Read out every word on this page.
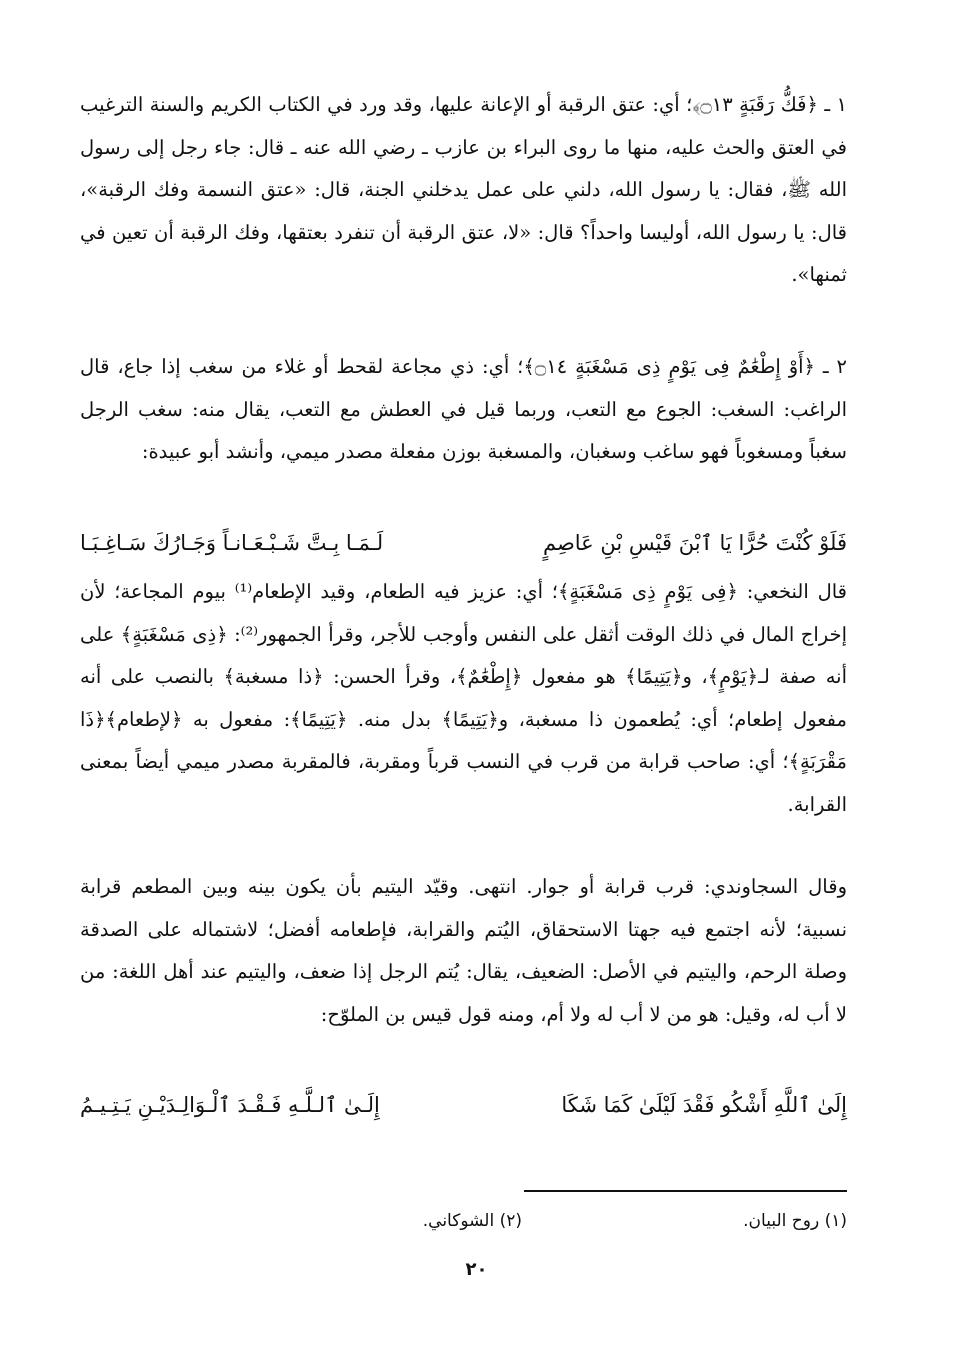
١ ـ ﴿فَكُّ رَقَبَةٍ ۝١٣﴾؛ أي: عتق الرقبة أو الإعانة عليها، وقد ورد في الكتاب الكريم والسنة الترغيب في العتق والحث عليه، منها ما روى البراء بن عازب ـ رضي الله عنه ـ قال: جاء رجل إلى رسول الله ﷺ، فقال: يا رسول الله، دلني على عمل يدخلني الجنة، قال: «عتق النسمة وفك الرقبة»، قال: يا رسول الله، أوليسا واحداً؟ قال: «لا، عتق الرقبة أن تنفرد بعتقها، وفك الرقبة أن تعين في ثمنها».

٢ ـ ﴿أَوْ إِطْعَٰمٌ فِى يَوْمٍ ذِى مَسْغَبَةٍ ۝١٤﴾؛ أي: ذي مجاعة لقحط أو غلاء من سغب إذا جاع، قال الراغب: السغب: الجوع مع التعب، وربما قيل في العطش مع التعب، يقال منه: سغب الرجل سغباً ومسغوباً فهو ساغب وسغبان، والمسغبة بوزن مفعلة مصدر ميمي، وأنشد أبو عبيدة:

فَلَوْ كُنْتَ حُرًّا يَا ٱبْنَ قَيْسِ بْنِ عَاصِمٍ
لَـمَـا بِـتَّ شَـبْـعَـانـاً وَجَـارُكَ سَـاغِـبَـا

قال النخعي: ﴿فِى يَوْمٍ ذِى مَسْغَبَةٍ﴾؛ أي: عزيز فيه الطعام، وقيد الإطعام⁽¹⁾ بيوم المجاعة؛ لأن إخراج المال في ذلك الوقت أثقل على النفس وأوجب للأجر، وقرأ الجمهور⁽²⁾: ﴿ذِى مَسْغَبَةٍ﴾ على أنه صفة لـ﴿يَوْمٍ﴾، و﴿يَتِيمًا﴾ هو مفعول ﴿إِطْعَٰمٌ﴾، وقرأ الحسن: ﴿ذا مسغبة﴾ بالنصب على أنه مفعول إطعام؛ أي: يُطعمون ذا مسغبة، و﴿يَتِيمًا﴾ بدل منه. ﴿يَتِيمًا﴾: مفعول به ﴿لإطعام﴾﴿ذَا مَقْرَبَةٍ﴾؛ أي: صاحب قرابة من قرب في النسب قرباً ومقربة، فالمقربة مصدر ميمي أيضاً بمعنى القرابة.

وقال السجاوندي: قرب قرابة أو جوار. انتهى. وقيّد اليتيم بأن يكون بينه وبين المطعم قرابة نسبية؛ لأنه اجتمع فيه جهتا الاستحقاق، اليُتم والقرابة، فإطعامه أفضل؛ لاشتماله على الصدقة وصلة الرحم، واليتيم في الأصل: الضعيف، يقال: يُتم الرجل إذا ضعف، واليتيم عند أهل اللغة: من لا أب له، وقيل: هو من لا أب له ولا أم، ومنه قول قيس بن الملوّح:

إِلَىٰ ٱللَّهِ أَشْكُو فَقْدَ لَيْلَىٰ كَمَا شَكَا
إِلَـىٰ ٱلـلَّـهِ فَـقْـدَ ٱلْـوَالِـدَيْـنِ يَـتِـيـمُ
(١) روح البيان.
(٢) الشوكاني.
٢٠
